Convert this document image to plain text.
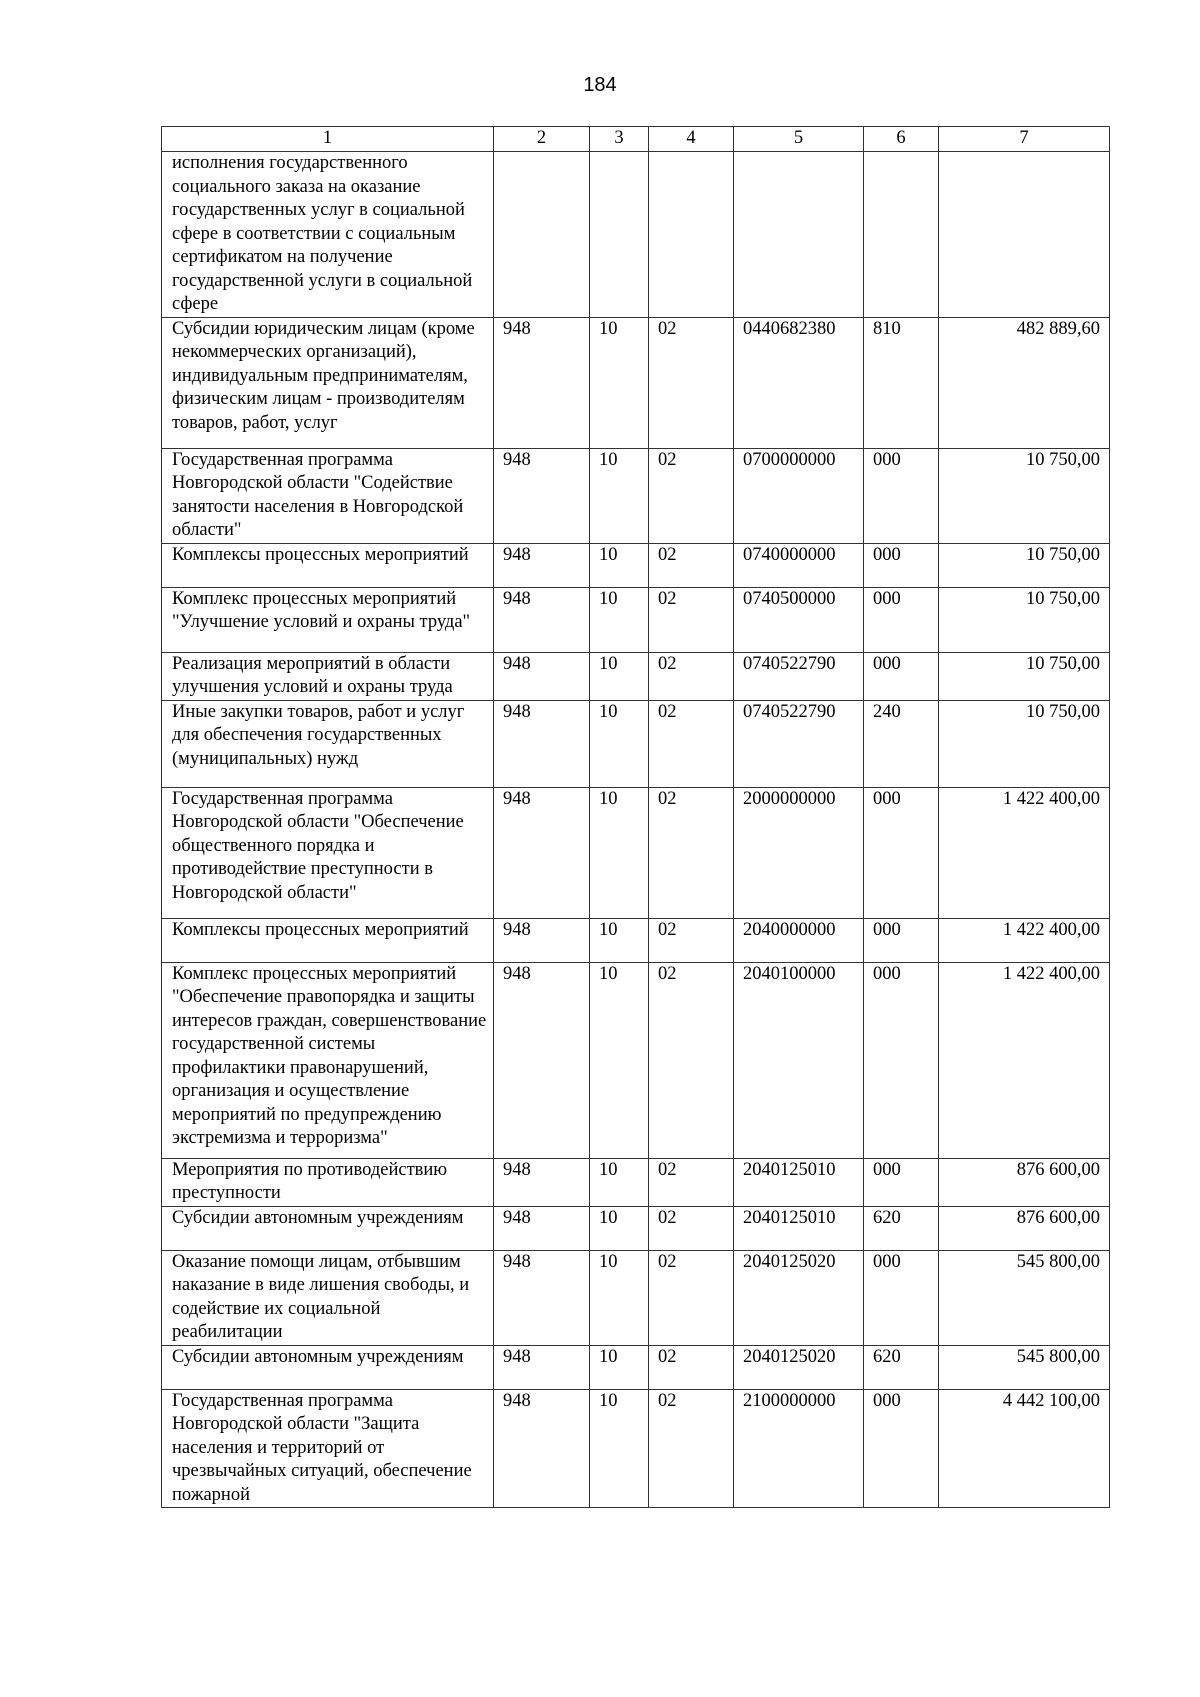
184
1	2	3	4	5	6	7
исполнения государственного социального заказа на оказание государственных услуг в социальной сфере в соответствии с социальным сертификатом на получение государственной услуги в социальной сфере						
Субсидии юридическим лицам (кроме некоммерческих организаций), индивидуальным предпринимателям, физическим лицам - производителям товаров, работ, услуг	948	10	02	0440682380	810	482 889,60
Государственная программа Новгородской области "Содействие занятости населения в Новгородской области"	948	10	02	0700000000	000	10 750,00
Комплексы процессных мероприятий	948	10	02	0740000000	000	10 750,00
Комплекс процессных мероприятий "Улучшение условий и охраны труда"	948	10	02	0740500000	000	10 750,00
Реализация мероприятий в области улучшения условий и охраны труда	948	10	02	0740522790	000	10 750,00
Иные закупки товаров, работ и услуг для обеспечения государственных (муниципальных) нужд	948	10	02	0740522790	240	10 750,00
Государственная программа Новгородской области "Обеспечение общественного порядка и противодействие преступности в Новгородской области"	948	10	02	2000000000	000	1 422 400,00
Комплексы процессных мероприятий	948	10	02	2040000000	000	1 422 400,00
Комплекс процессных мероприятий "Обеспечение правопорядка и защиты интересов граждан, совершенствование государственной системы профилактики правонарушений, организация и осуществление мероприятий по предупреждению экстремизма и терроризма"	948	10	02	2040100000	000	1 422 400,00
Мероприятия по противодействию преступности	948	10	02	2040125010	000	876 600,00
Субсидии автономным учреждениям	948	10	02	2040125010	620	876 600,00
Оказание помощи лицам, отбывшим наказание в виде лишения свободы, и содействие их социальной реабилитации	948	10	02	2040125020	000	545 800,00
Субсидии автономным учреждениям	948	10	02	2040125020	620	545 800,00
Государственная программа Новгородской области "Защита населения и территорий от чрезвычайных ситуаций, обеспечение пожарной	948	10	02	2100000000	000	4 442 100,00
